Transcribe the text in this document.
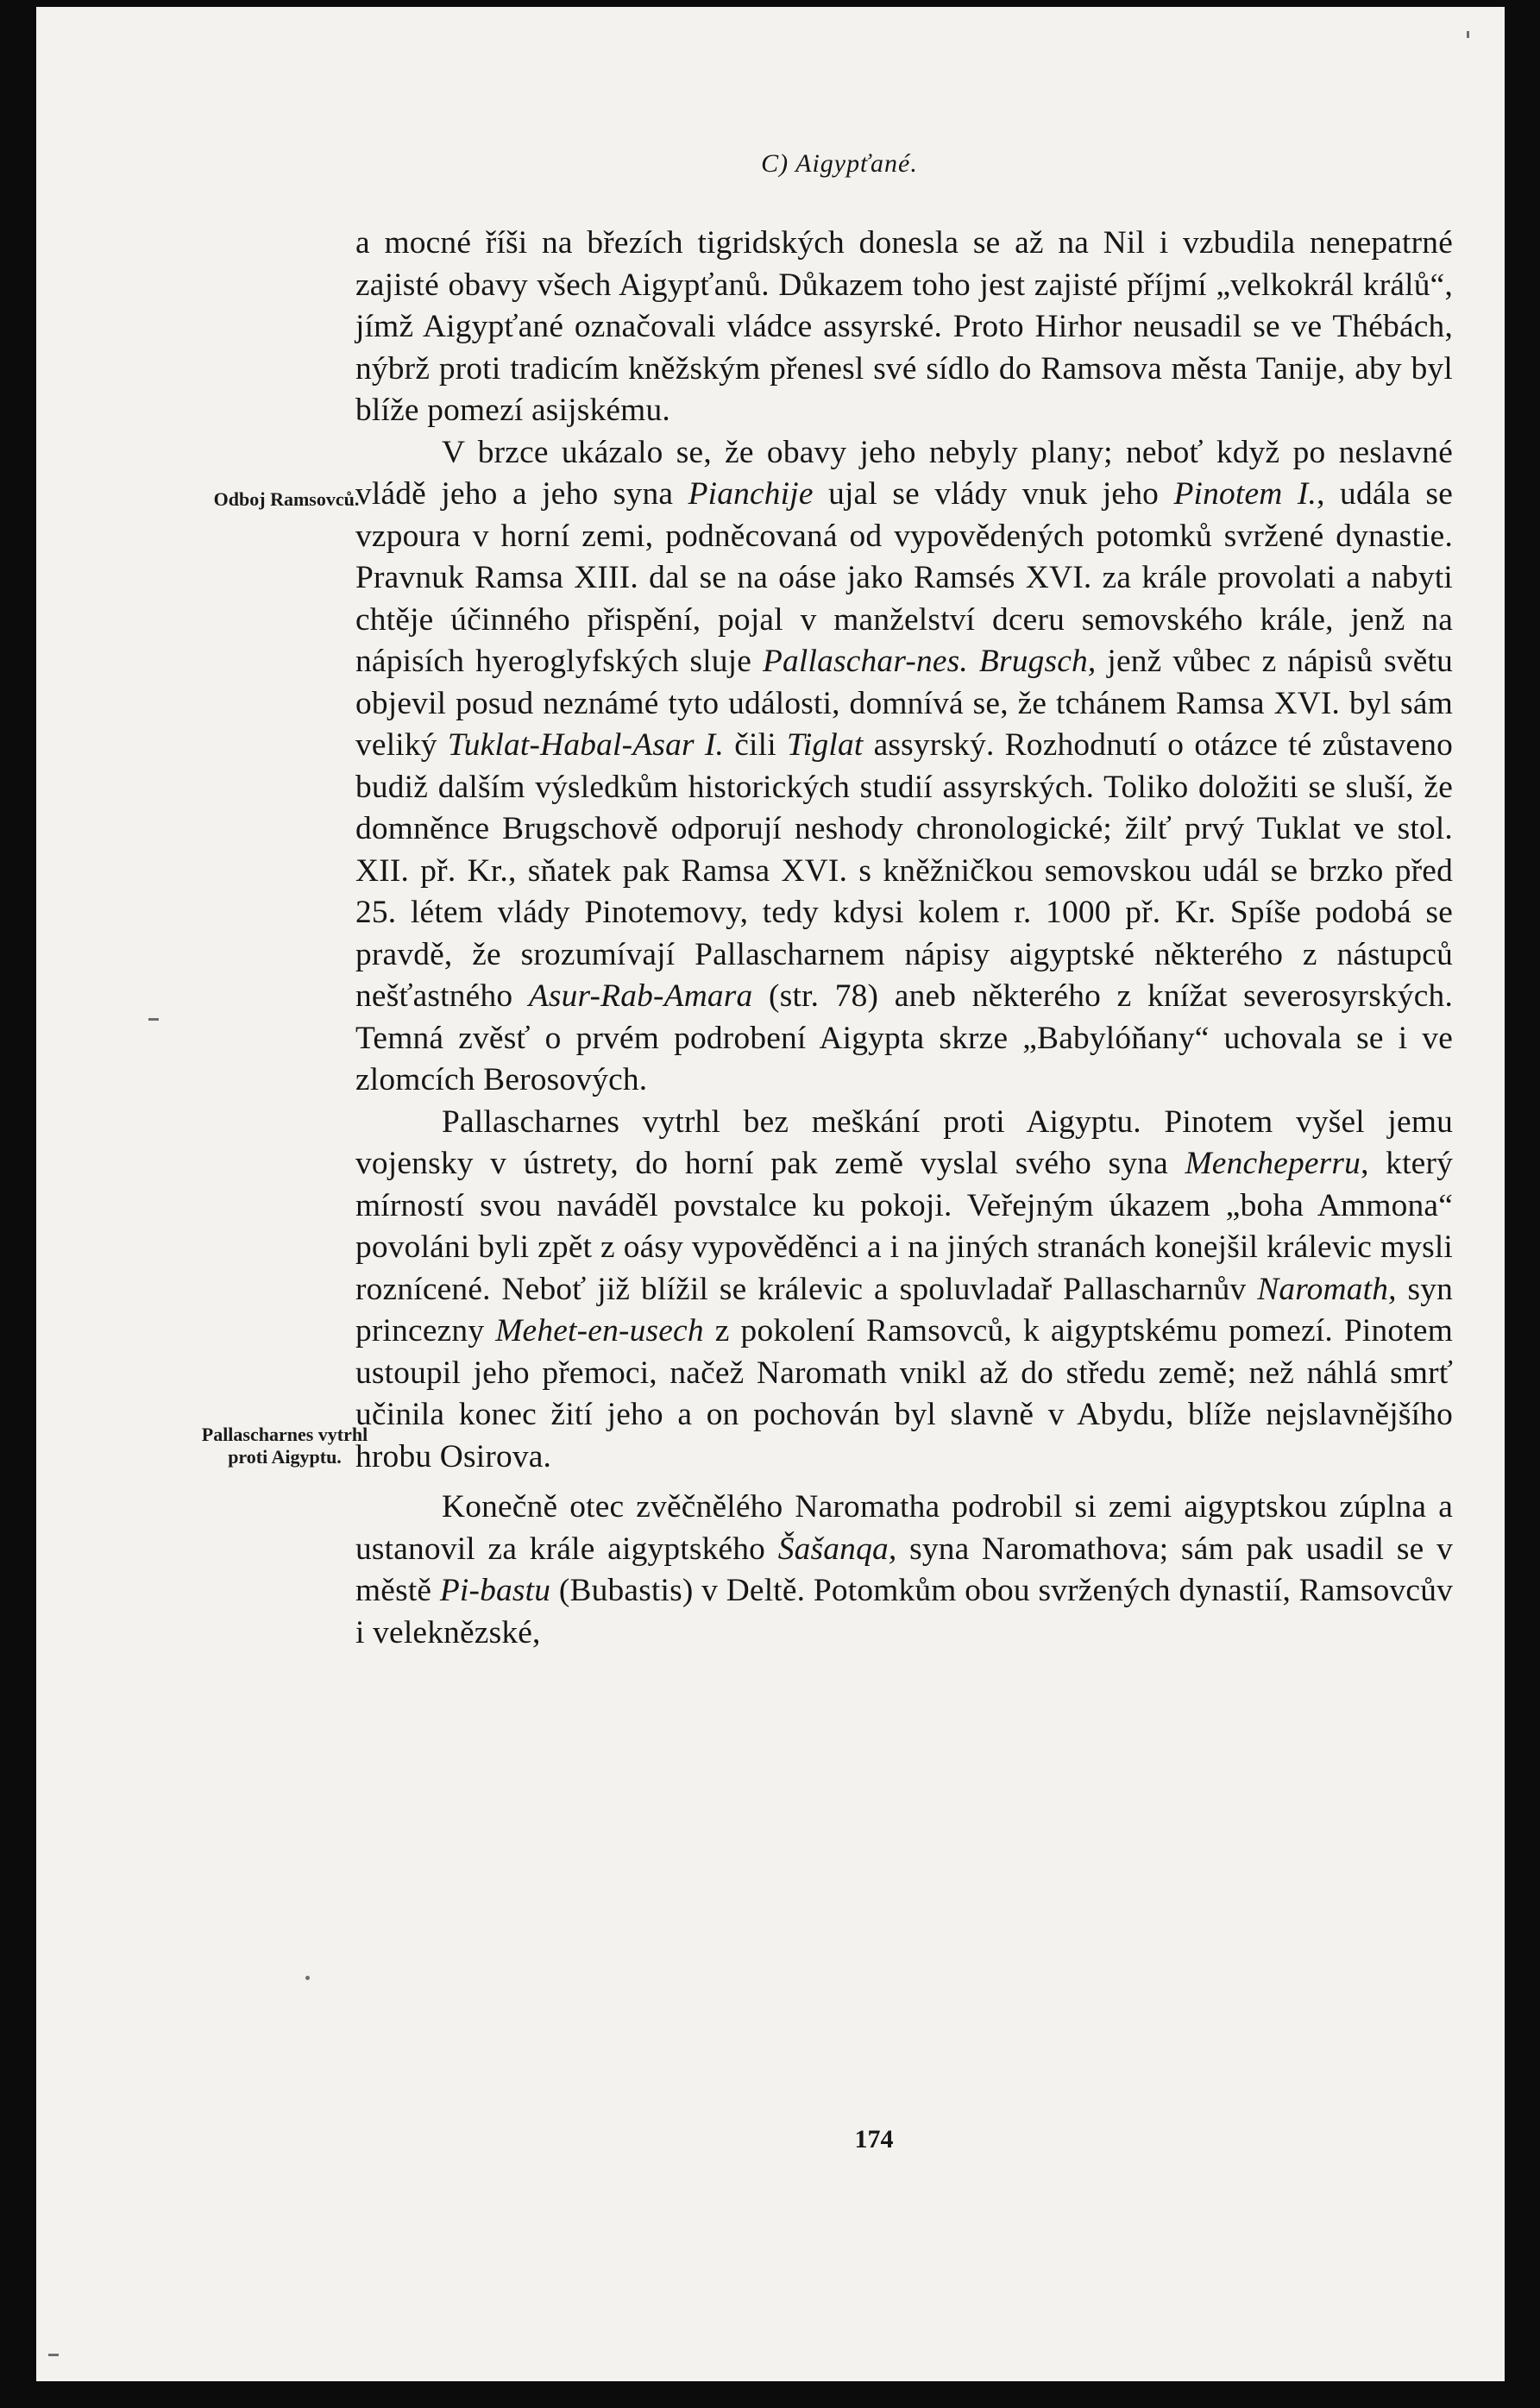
C) Aigypťané.
Odboj Ramsovců.
Pallascharnes vytrhl proti Aigyptu.

a mocné říši na březích tigridských donesla se až na Nil i vzbudila nenepatrné zajisté obavy všech Aigypťanů. Důkazem toho jest zajisté příjmí „velkokrál králů“, jímž Aigypťané označovali vládce assyrské. Proto Hirhor neusadil se ve Thébách, nýbrž proti tradicím kněžským přenesl své sídlo do Ramsova města Tanije, aby byl blíže pomezí asijskému.

V brzce ukázalo se, že obavy jeho nebyly plany; neboť když po neslavné vládě jeho a jeho syna Pianchije ujal se vlády vnuk jeho Pinotem I., udála se vzpoura v horní zemi, podněcovaná od vypovědených potomků svržené dynastie. Pravnuk Ramsa XIII. dal se na oáse jako Ramsés XVI. za krále provolati a nabyti chtěje účinného přispění, pojal v manželství dceru semovského krále, jenž na nápisích hyeroglyfských sluje Pallaschar-nes. Brugsch, jenž vůbec z nápisů světu objevil posud neznámé tyto události, domnívá se, že tchánem Ramsa XVI. byl sám veliký Tuklat-Habal-Asar I. čili Tiglat assyrský. Rozhodnutí o otázce té zůstaveno budiž dalším výsledkům historických studií assyrských. Toliko doložiti se sluší, že domněnce Brugschově odporují neshody chronologické; žilť prvý Tuklat ve stol. XII. př. Kr., sňatek pak Ramsa XVI. s kněžničkou semovskou udál se brzko před 25. létem vlády Pinotemovy, tedy kdysi kolem r. 1000 př. Kr. Spíše podobá se pravdě, že srozumívají Pallascharnem nápisy aigyptské některého z nástupců nešťastného Asur-Rab-Amara (str. 78) aneb některého z knížat severosyrských. Temná zvěsť o prvém podrobení Aigypta skrze „Babylóňany“ uchovala se i ve zlomcích Berosových.

Pallascharnes vytrhl bez meškání proti Aigyptu. Pinotem vyšel jemu vojensky v ústrety, do horní pak země vyslal svého syna Mencheperru, který mírností svou naváděl povstalce ku pokoji. Veřejným úkazem „boha Ammona“ povoláni byli zpět z oásy vypověděnci a i na jiných stranách konejšil králevic mysli roznícené. Neboť již blížil se králevic a spoluvladař Pallascharnův Naromath, syn princezny Mehet-en-usech z pokolení Ramsovců, k aigyptskému pomezí. Pinotem ustoupil jeho přemoci, načež Naromath vnikl až do středu země; než náhlá smrť učinila konec žití jeho a on pochován byl slavně v Abydu, blíže nejslavnějšího hrobu Osirova.

Konečně otec zvěčnělého Naromatha podrobil si zemi aigyptskou zúplna a ustanovil za krále aigyptského Šašanqa, syna Naromathova; sám pak usadil se v městě Pi-bastu (Bubastis) v Deltě. Potomkům obou svržených dynastií, Ramsovcův i veleknězské,

174
